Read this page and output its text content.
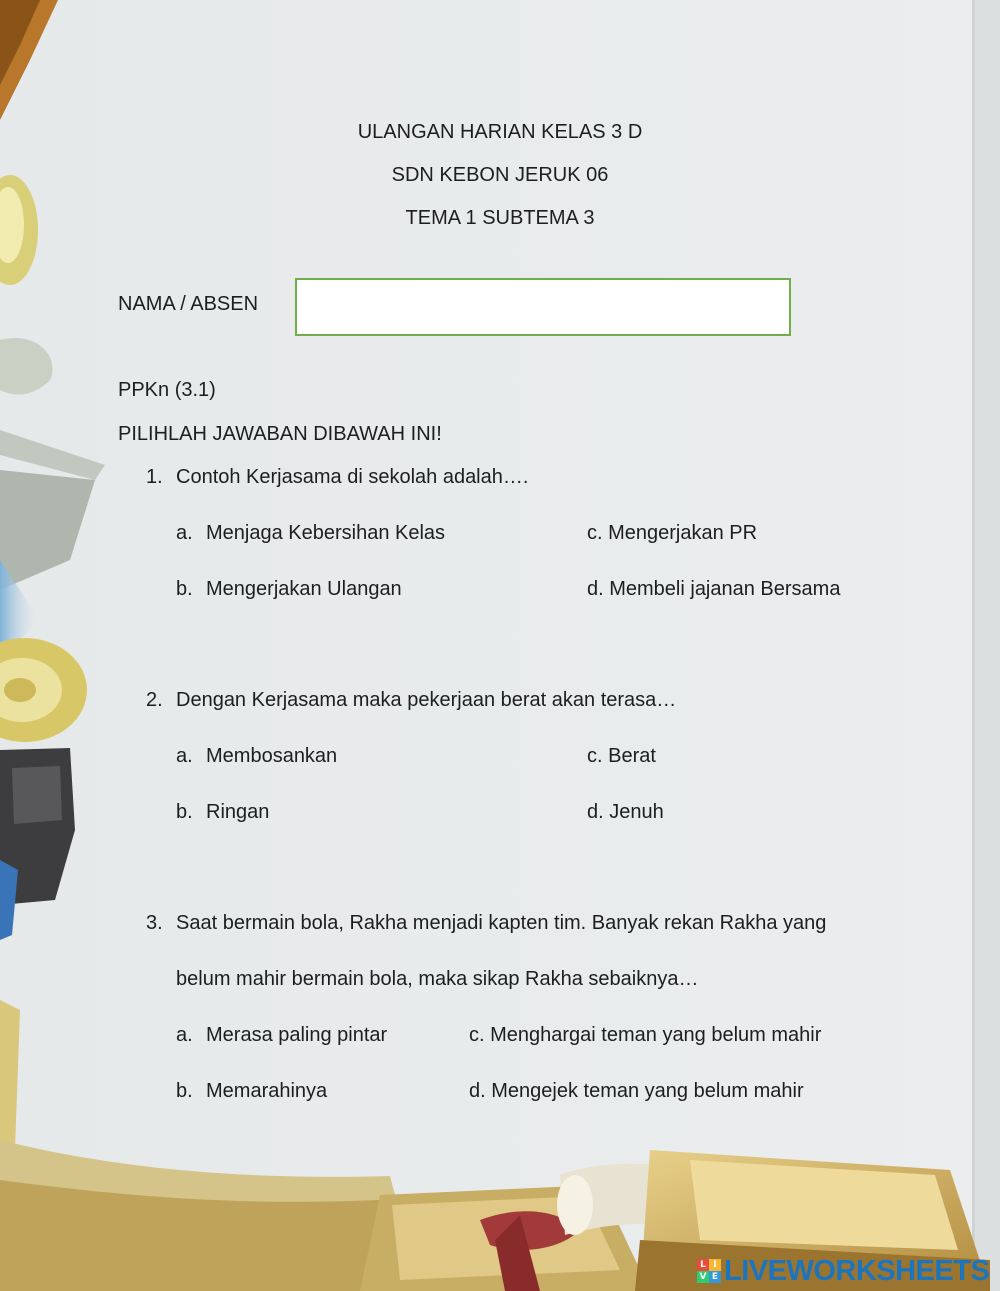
ULANGAN HARIAN KELAS 3 D
SDN KEBON JERUK 06
TEMA 1 SUBTEMA 3
NAMA / ABSEN
PPKn (3.1)
PILIHLAH JAWABAN DIBAWAH INI!
1. Contoh Kerjasama di sekolah adalah….
a. Menjaga Kebersihan Kelas	c. Mengerjakan PR
b. Mengerjakan Ulangan	d. Membeli jajanan Bersama
2. Dengan Kerjasama maka pekerjaan berat akan terasa…
a. Membosankan	c. Berat
b. Ringan	d. Jenuh
3. Saat bermain bola, Rakha menjadi kapten tim. Banyak rekan Rakha yang
belum mahir bermain bola, maka sikap Rakha sebaiknya…
a. Merasa paling pintar	c. Menghargai teman yang belum mahir
b. Memarahinya	d. Mengejek teman yang belum mahir
L I
V E LIVEWORKSHEETS
